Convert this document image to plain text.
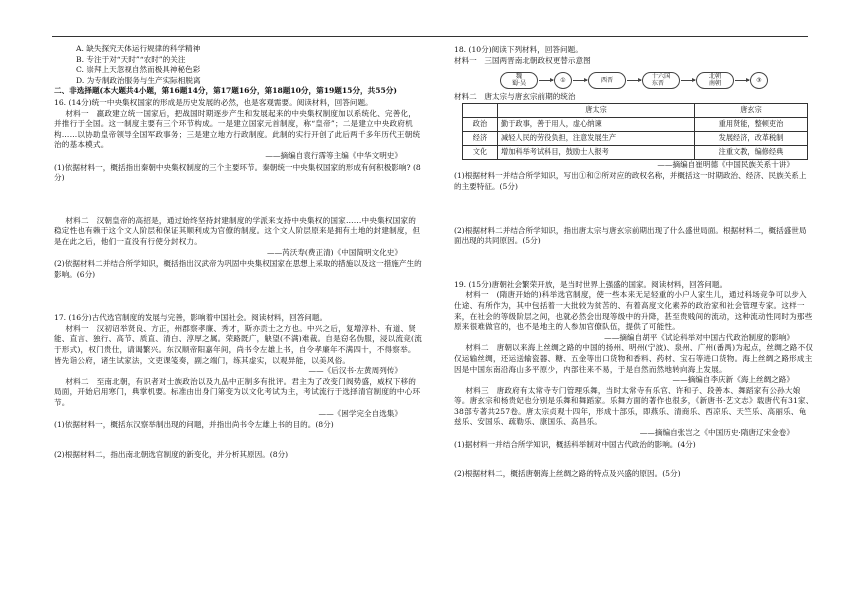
A. 缺失探究天体运行规律的科学精神

B. 专注于对“天时”“农时”的关注

C. 崇拜上天忽视自然而极具神秘色彩

D. 为专制政治服务与生产实际相脱离

二、非选择题(本大题共4小题，第16题14分，第17题16分，第18题10分，第19题15分，共55分)

16. (14分)统一中央集权国家的形成是历史发展的必然，也是客观需要。阅读材料，回答问题。

材料一　嬴政建立统一国家后，把战国时期逐步产生和发展起来的中央集权制度加以系统化、完善化，并推行于全国。这一制度主要有三个环节构成。一是建立国家元首制度，称“皇帝”；二是建立中央政府机构……以协助皇帝领导全国军政事务；三是建立地方行政制度。此制的实行开创了此后两千多年历代王朝统治的基本模式。

——摘编自袁行霈等主编《中华文明史》

(1)依据材料一，概括指出秦朝中央集权制度的三个主要环节。秦朝统一中央集权国家的形成有何积极影响? (8分)

材料二　汉朝皇帝的高招是，通过始终坚持封建制度的学派来支持中央集权的国家……中央集权国家的稳定性也有赖于这个文人阶层和保证其顺利成为官僚的制度。这个文人阶层原来是拥有土地的封建制度，但是在此之后，他们一直没有行使分封权力。

——芮沃寿(费正清)《中国简明文化史》

(2)依据材料二并结合所学知识，概括指出汉武帝为巩固中央集权国家在思想上采取的措施以及这一措施产生的影响。(6分)

17. (16分)古代选官制度的发展与完善，影响着中国社会。阅读材料，回答问题。

材料一　汉初诏举贤良、方正，州郡察孝廉、秀才，斯亦贡士之方也。中兴之后，复增淳朴、有道、贤能、直言、独行、高节、质直、清白、淳厚之属。荣路既广，觖望(不满)难裁。自是窃名伪服，浸以流竞(流于形式)，权门贵仕，请谒繁兴。东汉顺帝阳嘉年间，尚书令左雄上书，自令孝廉年不满四十，不得察举。皆先诣公府，诸生试家法，文吏课笺奏，副之端门，练其虚实，以观异能，以美风俗。

——《后汉书·左黄周列传》

材料二　至南北朝，有识者对士族政治以及九品中正制多有批评。君主为了改变门阀势盛，威权下移的局面，开始启用寒门，典掌机要。标准由出身门第变为以文化考试为主，考试流行于选择清官制度的中心环节。

——《困学完全自选集》

(1)依据材料一，概括东汉察举制出现的问题，并指出尚书令左雄上书的目的。(8分)

(2)根据材料二，指出南北朝选官制度的新变化，并分析其原因。(8分)

18. (10分)阅读下列材料，回答问题。

材料一　三国两晋南北朝政权更替示意图

魏
蜀·吴	①	西晋	十六国
东晋
北朝
南朝	③

材料二　唐太宗与唐玄宗前期的统治

	唐太宗	唐玄宗
政治	勤于政事，善于用人，虚心纳谏	重用贤能，整顿吏治
经济	减轻人民的劳役负担，注意发展生产	发展经济，改革税制
文化	增加科举考试科目，鼓励士人报考	注重文教，编修经典

——摘编自崔明德《中国民族关系十讲》

(1)根据材料一并结合所学知识，写出①和②所对应的政权名称，并概括这一时期政治、经济、民族关系上的主要特征。(5分)

(2)根据材料二并结合所学知识，指出唐太宗与唐玄宗前期出现了什么盛世局面。根据材料二，概括盛世局面出现的共同原因。(5分)

19. (15分)唐朝社会繁荣开放，是当时世界上强盛的国家。阅读材料，回答问题。

材料一　(隋唐开始的)科举选官制度，使一些本来无足轻重的小户人家生儿，通过科场竞争可以步入仕途、有所作为，其中包括着一大批较为贫苦的、有着高度文化素养的政治家和社会管理专家。这样一来，在社会的等级阶层之间，也就必然会出现等级中的升降，甚至贵贱间的流动，这种流动性同时为那些原来很难做官的，也不是地主的人参加官僚队伍，提供了可能性。

——摘编自胡平《试论科举对中国古代政治制度的影响》

材料二　唐朝以来海上丝绸之路的中国的扬州、明州(宁波)、泉州、广州(番禺)为起点，丝绸之路不仅仅运输丝绸，还运送输瓷器、糖、五金等出口货物和香料、药材、宝石等进口货物。海上丝绸之路形成主因是中国东南沿海山多平原少，内部往来不易，于是自然而然地转向海上发展。

——摘编自李庆新《海上丝绸之路》

材料三　唐政府有太常寺专门管理乐舞，当时太常寺有乐官、许和子、段善本、舞蹈家有公孙大娘等。唐玄宗和杨贵妃也分别是乐舞和舞蹈家。乐舞方面的著作也很多，《新唐书·艺文志》载唐代有31家、38部专著共257卷。唐太宗贞观十四年，形成十部乐，即燕乐、清商乐、西凉乐、天竺乐、高丽乐、龟兹乐、安国乐、疏勒乐、康国乐、高昌乐。

——摘编自张岂之《中国历史·隋唐辽宋金卷》

(1)据材料一并结合所学知识，概括科举制对中国古代政治的影响。(4分)

(2)根据材料二，概括唐朝海上丝绸之路的特点及兴盛的原因。(5分)
